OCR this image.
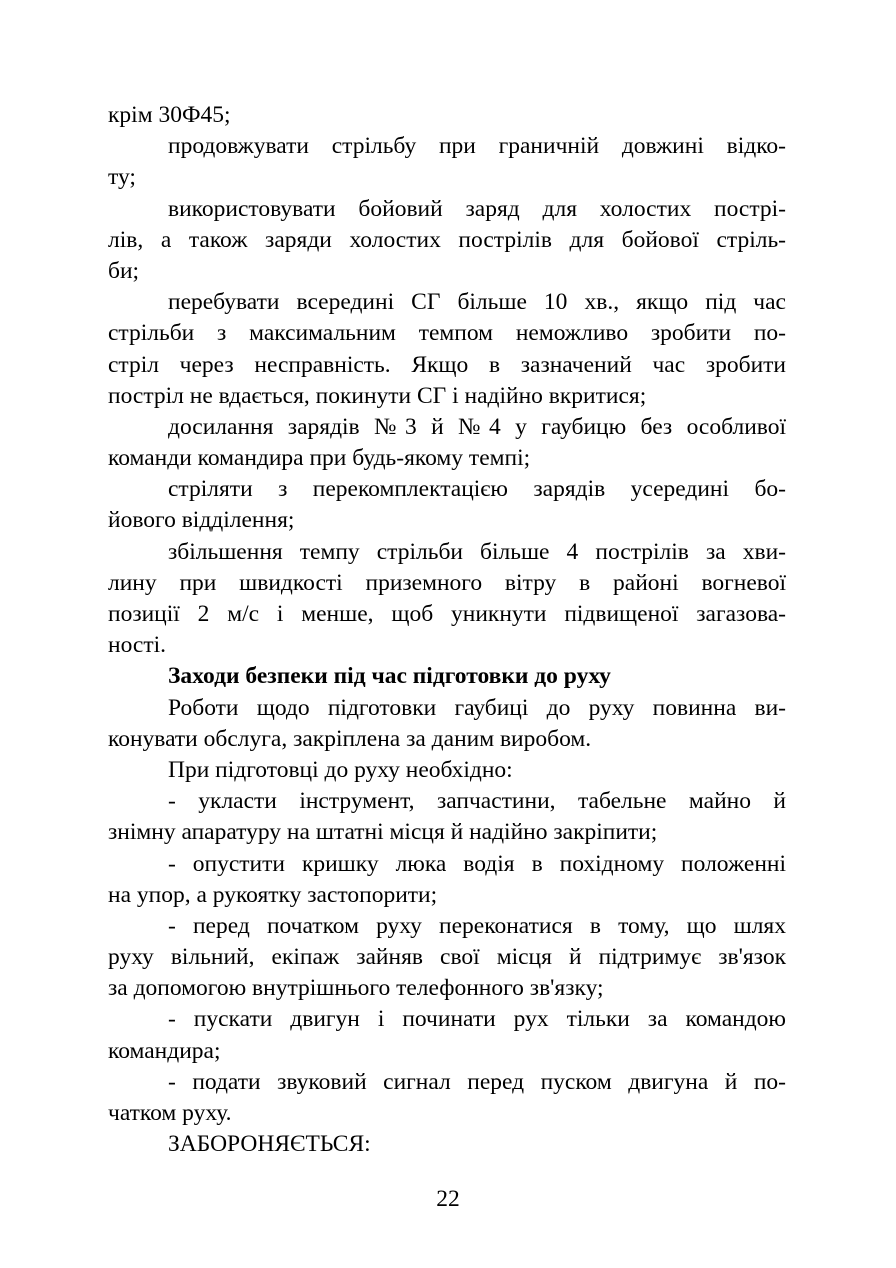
крім 30Ф45;
продовжувати стрільбу при граничній довжині відко-
ту;
використовувати бойовий заряд для холостих пострі-
лів, а також заряди холостих пострілів для бойової стріль-
би;
перебувати всередині СГ більше 10 хв., якщо під час
стрільби з максимальним темпом неможливо зробити по-
стріл через несправність. Якщо в зазначений час зробити
постріл не вдається, покинути СГ і надійно вкритися;
досилання зарядів №3 й №4 у гаубицю без особливої
команди командира при будь-якому темпі;
стріляти з перекомплектацією зарядів усередині бо-
йового відділення;
збільшення темпу стрільби більше 4 пострілів за хви-
лину при швидкості приземного вітру в районі вогневої
позиції 2 м/с і менше, щоб уникнути підвищеної загазова-
ності.
Заходи безпеки під час підготовки до руху
Роботи щодо підготовки гаубиці до руху повинна ви-
конувати обслуга, закріплена за даним виробом.
При підготовці до руху необхідно:
- укласти інструмент, запчастини, табельне майно й
знімну апаратуру на штатні місця й надійно закріпити;
- опустити кришку люка водія в похідному положенні
на упор, а рукоятку застопорити;
- перед початком руху переконатися в тому, що шлях
руху вільний, екіпаж зайняв свої місця й підтримує зв'язок
за допомогою внутрішнього телефонного зв'язку;
- пускати двигун і починати рух тільки за командою
командира;
- подати звуковий сигнал перед пуском двигуна й по-
чатком руху.
ЗАБОРОНЯЄТЬСЯ:
22
